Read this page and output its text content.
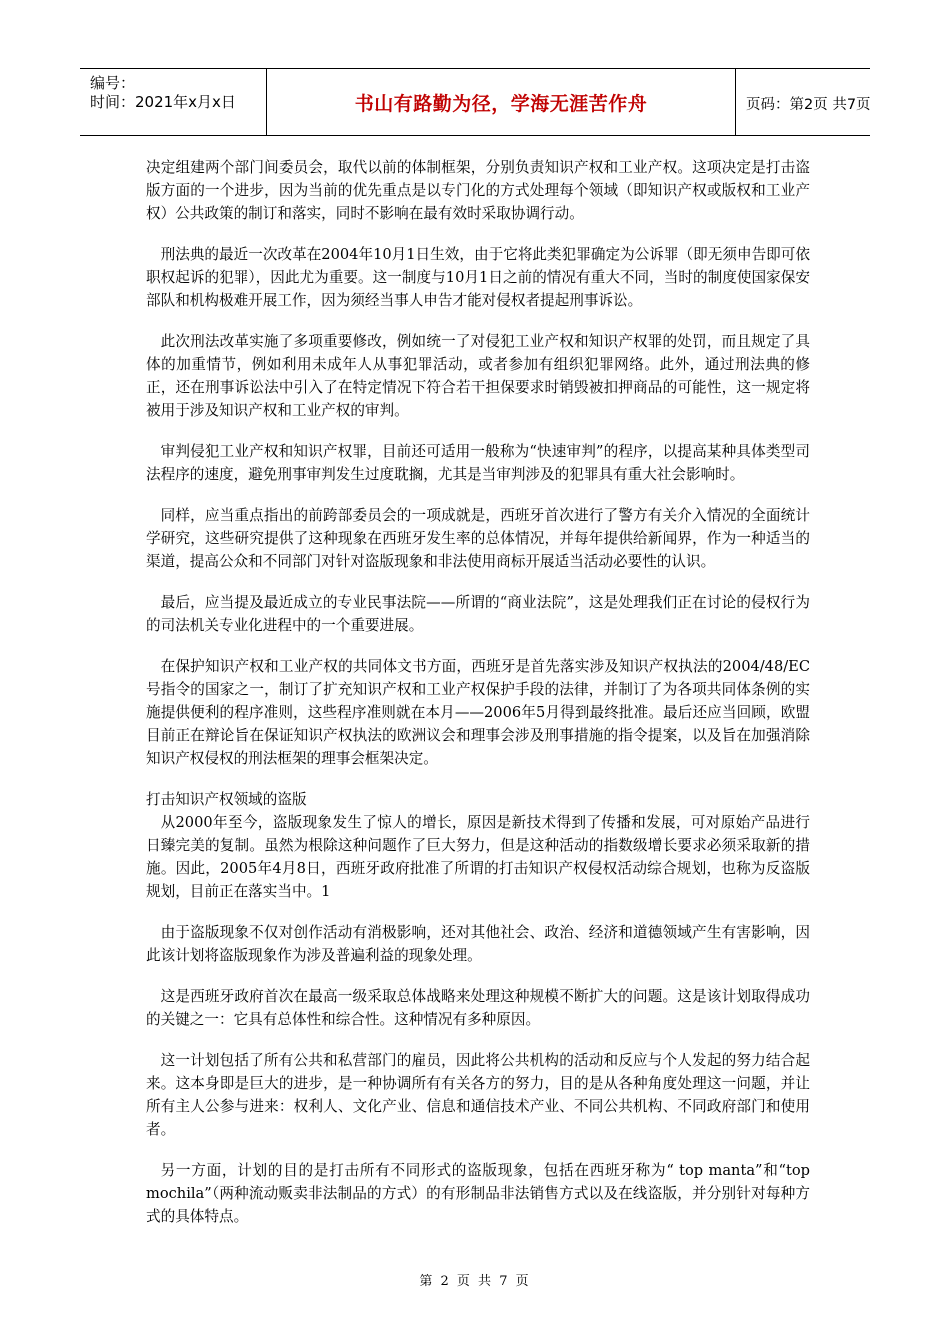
编号：
时间：2021年x月x日	书山有路勤为径，学海无涯苦作舟	页码：第2页 共7页

决定组建两个部门间委员会，取代以前的体制框架，分别负责知识产权和工业产权。这项决定是打击盗版方面的一个进步，因为当前的优先重点是以专门化的方式处理每个领域（即知识产权或版权和工业产权）公共政策的制订和落实，同时不影响在最有效时采取协调行动。

刑法典的最近一次改革在2004年10月1日生效，由于它将此类犯罪确定为公诉罪（即无须申告即可依职权起诉的犯罪），因此尤为重要。这一制度与10月1日之前的情况有重大不同，当时的制度使国家保安部队和机构极难开展工作，因为须经当事人申告才能对侵权者提起刑事诉讼。

此次刑法改革实施了多项重要修改，例如统一了对侵犯工业产权和知识产权罪的处罚，而且规定了具体的加重情节，例如利用未成年人从事犯罪活动，或者参加有组织犯罪网络。此外，通过刑法典的修正，还在刑事诉讼法中引入了在特定情况下符合若干担保要求时销毁被扣押商品的可能性，这一规定将被用于涉及知识产权和工业产权的审判。

审判侵犯工业产权和知识产权罪，目前还可适用一般称为“快速审判”的程序，以提高某种具体类型司法程序的速度，避免刑事审判发生过度耽搁，尤其是当审判涉及的犯罪具有重大社会影响时。

同样，应当重点指出的前跨部委员会的一项成就是，西班牙首次进行了警方有关介入情况的全面统计学研究，这些研究提供了这种现象在西班牙发生率的总体情况，并每年提供给新闻界，作为一种适当的渠道，提高公众和不同部门对针对盗版现象和非法使用商标开展适当活动必要性的认识。

最后，应当提及最近成立的专业民事法院——所谓的“商业法院”，这是处理我们正在讨论的侵权行为的司法机关专业化进程中的一个重要进展。

在保护知识产权和工业产权的共同体文书方面，西班牙是首先落实涉及知识产权执法的2004/48/EC号指令的国家之一，制订了扩充知识产权和工业产权保护手段的法律，并制订了为各项共同体条例的实施提供便利的程序准则，这些程序准则就在本月——2006年5月得到最终批准。最后还应当回顾，欧盟目前正在辩论旨在保证知识产权执法的欧洲议会和理事会涉及刑事措施的指令提案，以及旨在加强消除知识产权侵权的刑法框架的理事会框架决定。

打击知识产权领域的盗版

从2000年至今，盗版现象发生了惊人的增长，原因是新技术得到了传播和发展，可对原始产品进行日臻完美的复制。虽然为根除这种问题作了巨大努力，但是这种活动的指数级增长要求必须采取新的措施。因此，2005年4月8日，西班牙政府批准了所谓的打击知识产权侵权活动综合规划，也称为反盗版规划，目前正在落实当中。1

由于盗版现象不仅对创作活动有消极影响，还对其他社会、政治、经济和道德领域产生有害影响，因此该计划将盗版现象作为涉及普遍利益的现象处理。

这是西班牙政府首次在最高一级采取总体战略来处理这种规模不断扩大的问题。这是该计划取得成功的关键之一：它具有总体性和综合性。这种情况有多种原因。

这一计划包括了所有公共和私营部门的雇员，因此将公共机构的活动和反应与个人发起的努力结合起来。这本身即是巨大的进步，是一种协调所有有关各方的努力，目的是从各种角度处理这一问题，并让所有主人公参与进来：权利人、文化产业、信息和通信技术产业、不同公共机构、不同政府部门和使用者。

另一方面，计划的目的是打击所有不同形式的盗版现象，包括在西班牙称为“ top manta”和“top mochila”（两种流动贩卖非法制品的方式）的有形制品非法销售方式以及在线盗版，并分别针对每种方式的具体特点。

第 2 页 共 7 页
